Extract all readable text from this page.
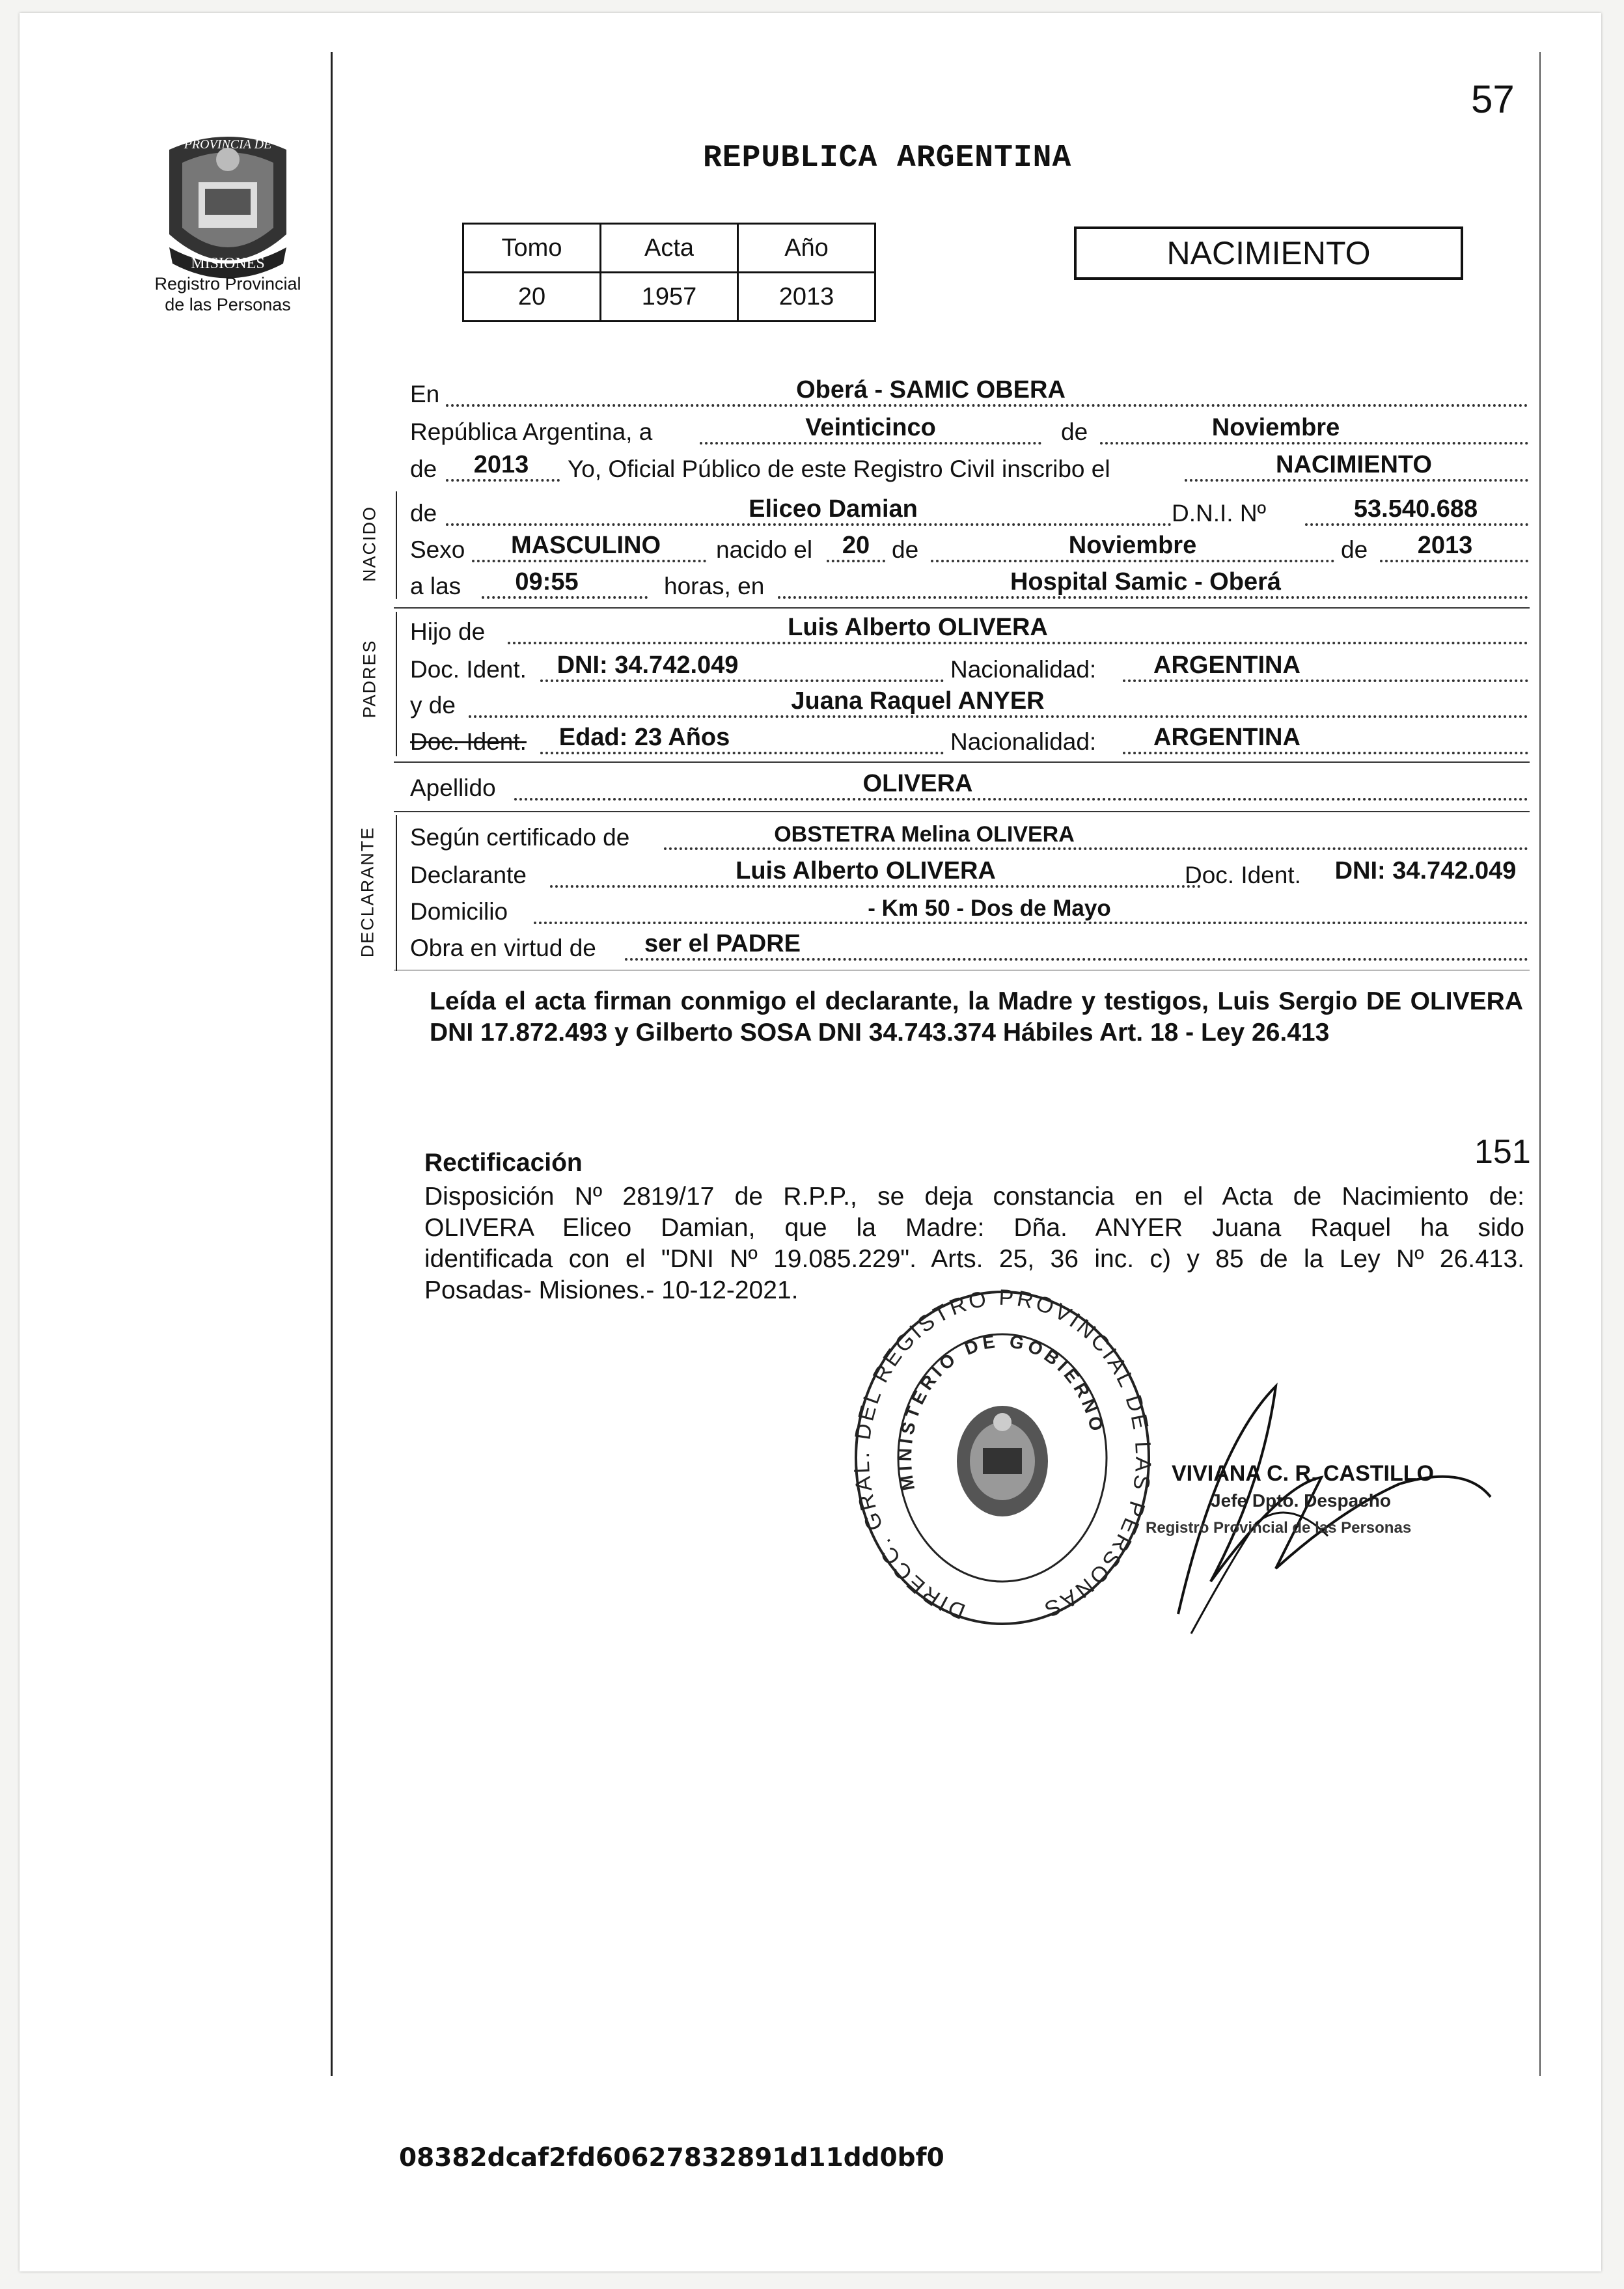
PROVINCIA DE
MISIONES
Registro Provincial
de las Personas
57
REPUBLICA ARGENTINA
Tomo	Acta	Año
20	1957	2013
NACIMIENTO
En	Oberá - SAMIC OBERA
República Argentina, a	Veinticinco	de	Noviembre
de	2013	Yo, Oficial Público de este Registro Civil inscribo el	NACIMIENTO
NACIDO de	Eliceo Damian	D.N.I. Nº	53.540.688
Sexo	MASCULINO	nacido el	20 de	Noviembre	de	2013
a las	09:55	horas, en	Hospital Samic - Oberá
PADRES
Hijo de	Luis Alberto OLIVERA
Doc. Ident.	DNI: 34.742.049	Nacionalidad:	ARGENTINA
y de	Juana Raquel ANYER
Doc. Ident.	Edad: 23 Años	Nacionalidad:	ARGENTINA
Apellido	OLIVERA
DECLARANTE Según certificado de	OBSTETRA Melina OLIVERA
Declarante	Luis Alberto OLIVERA	Doc. Ident.	DNI: 34.742.049
Domicilio	- Km 50 - Dos de Mayo
Obra en virtud de	ser el PADRE
Leída el acta firman conmigo el declarante, la Madre y testigos, Luis Sergio DE OLIVERA DNI 17.872.493 y Gilberto SOSA DNI 34.743.374 Hábiles Art. 18 - Ley 26.413
Rectificación	151
Disposición Nº 2819/17 de R.P.P., se deja constancia en el Acta de Nacimiento de:
OLIVERA Eliceo Damian, que la Madre: Dña. ANYER Juana Raquel ha sido
identificada con el "DNI Nº 19.085.229". Arts. 25, 36 inc. c) y 85 de la Ley Nº 26.413.
Posadas- Misiones.- 10-12-2021.
DIRECC. GRAL. DEL REGISTRO PROVINCIAL DE LAS PERSONAS
MINISTERIO DE GOBIERNO
VIVIANA C. R. CASTILLO
Jefe Dpto. Despacho
Registro Provincial de las Personas
08382dcaf2fd60627832891d11dd0bf0
